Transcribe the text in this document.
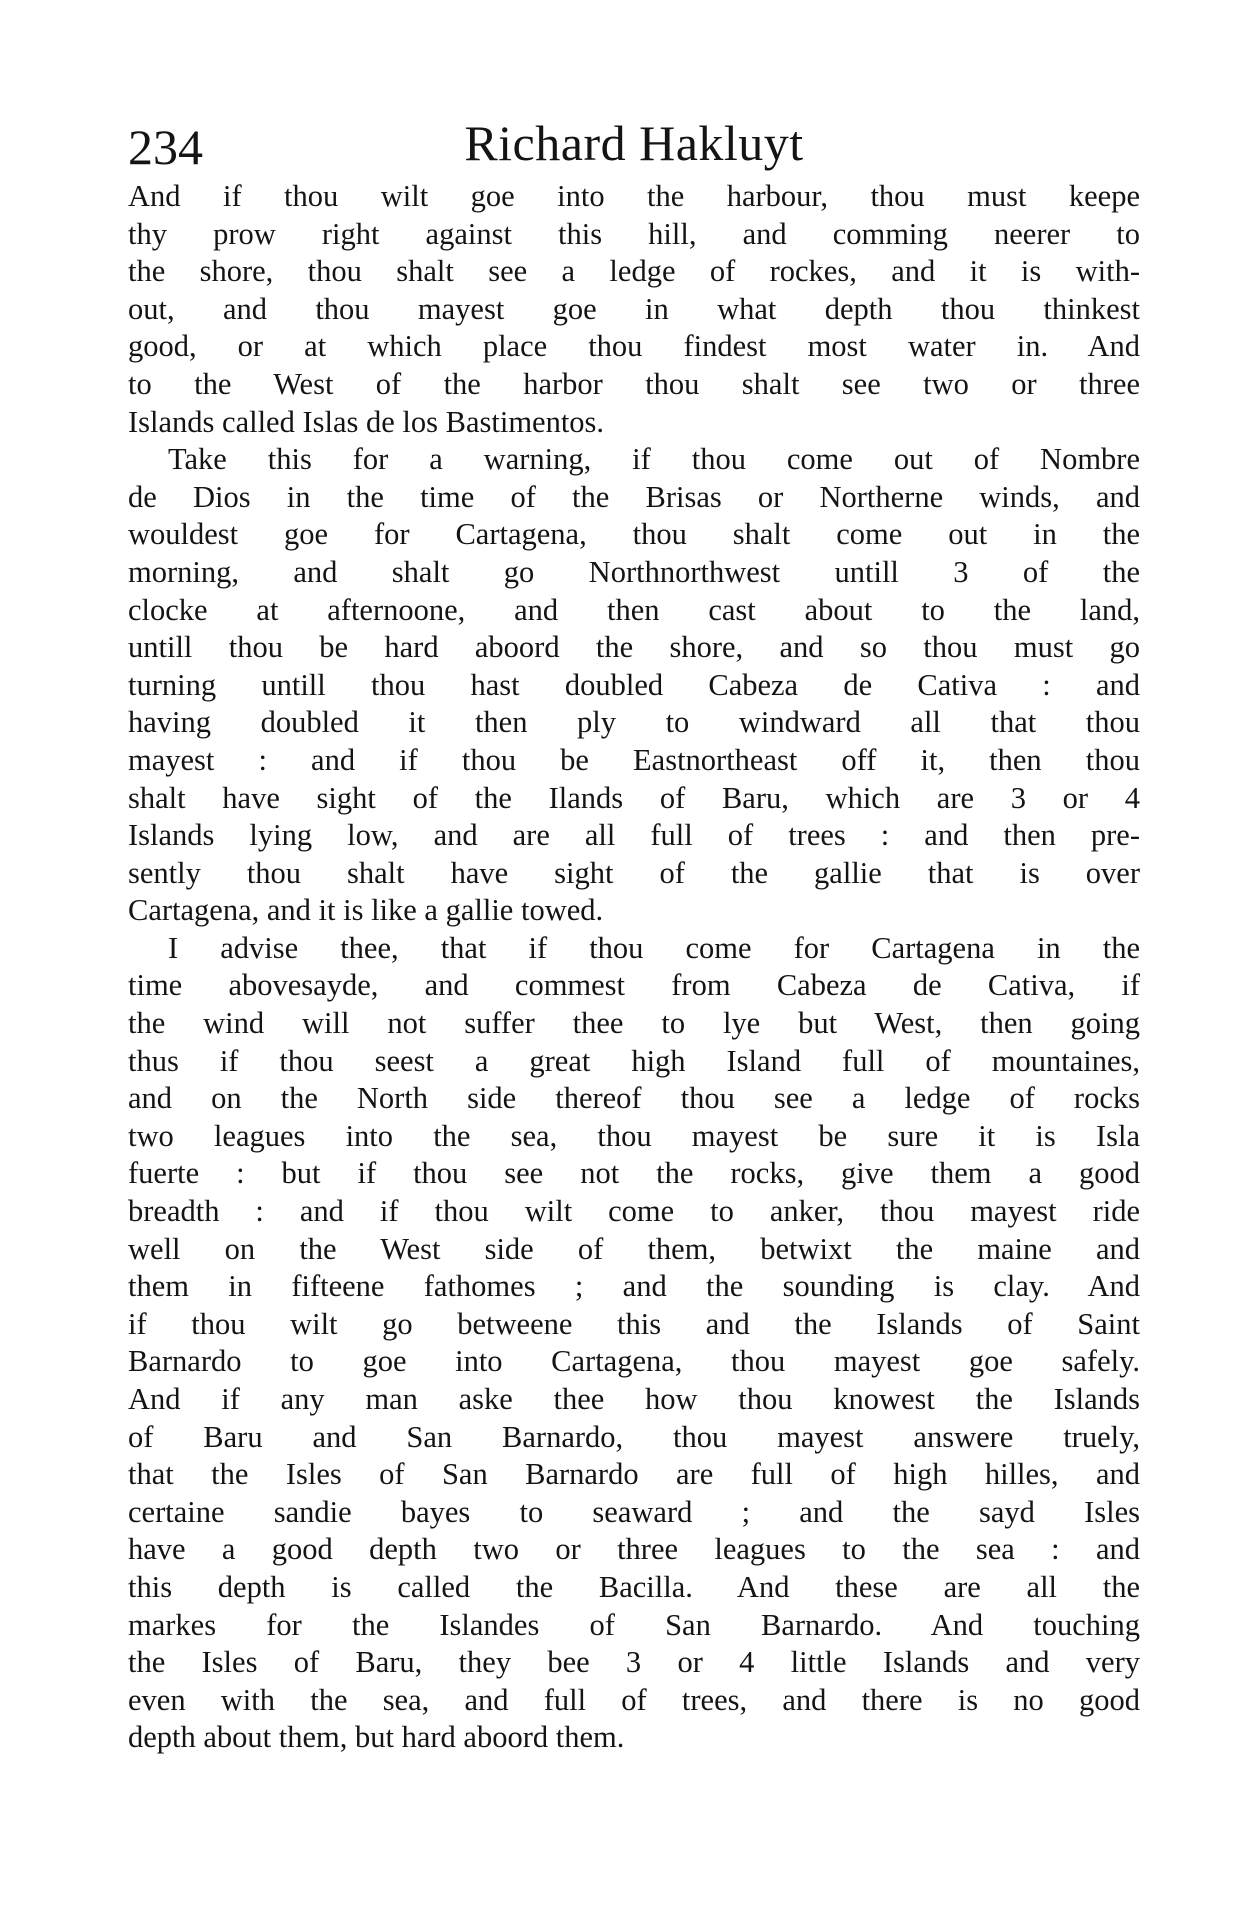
234	Richard Hakluyt
And if thou wilt goe into the harbour, thou must keepe
thy prow right against this hill, and comming neerer to
the shore, thou shalt see a ledge of rockes, and it is with-
out, and thou mayest goe in what depth thou thinkest
good, or at which place thou findest most water in. And
to the West of the harbor thou shalt see two or three
Islands called Islas de los Bastimentos.
Take this for a warning, if thou come out of Nombre
de Dios in the time of the Brisas or Northerne winds, and
wouldest goe for Cartagena, thou shalt come out in the
morning, and shalt go Northnorthwest untill 3 of the
clocke at afternoone, and then cast about to the land,
untill thou be hard aboord the shore, and so thou must go
turning untill thou hast doubled Cabeza de Cativa : and
having doubled it then ply to windward all that thou
mayest : and if thou be Eastnortheast off it, then thou
shalt have sight of the Ilands of Baru, which are 3 or 4
Islands lying low, and are all full of trees : and then pre-
sently thou shalt have sight of the gallie that is over
Cartagena, and it is like a gallie towed.
I advise thee, that if thou come for Cartagena in the
time abovesayde, and commest from Cabeza de Cativa, if
the wind will not suffer thee to lye but West, then going
thus if thou seest a great high Island full of mountaines,
and on the North side thereof thou see a ledge of rocks
two leagues into the sea, thou mayest be sure it is Isla
fuerte : but if thou see not the rocks, give them a good
breadth : and if thou wilt come to anker, thou mayest ride
well on the West side of them, betwixt the maine and
them in fifteene fathomes ; and the sounding is clay. And
if thou wilt go betweene this and the Islands of Saint
Barnardo to goe into Cartagena, thou mayest goe safely.
And if any man aske thee how thou knowest the Islands
of Baru and San Barnardo, thou mayest answere truely,
that the Isles of San Barnardo are full of high hilles, and
certaine sandie bayes to seaward ; and the sayd Isles
have a good depth two or three leagues to the sea : and
this depth is called the Bacilla. And these are all the
markes for the Islandes of San Barnardo. And touching
the Isles of Baru, they bee 3 or 4 little Islands and very
even with the sea, and full of trees, and there is no good
depth about them, but hard aboord them.
